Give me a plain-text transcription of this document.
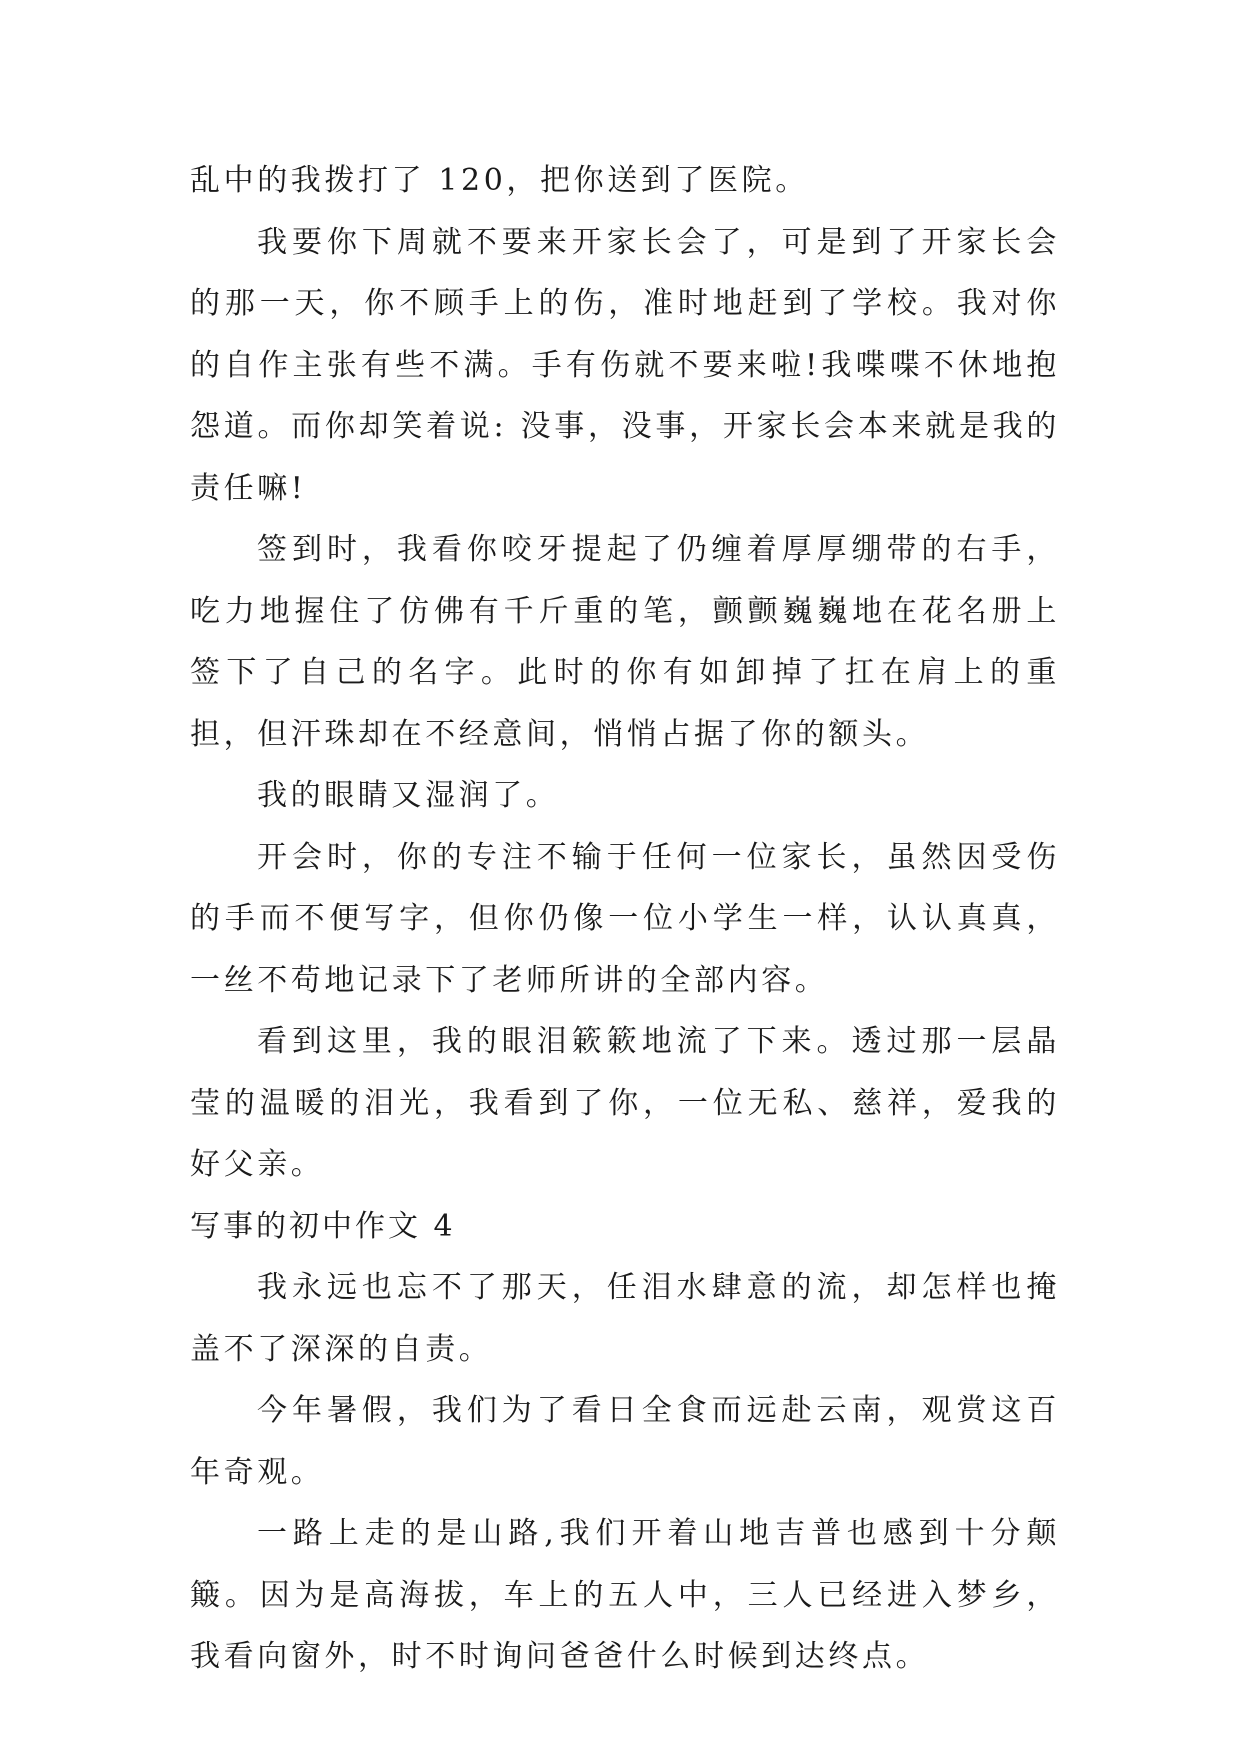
乱中的我拨打了 120，把你送到了医院。

我要你下周就不要来开家长会了，可是到了开家长会的那一天，你不顾手上的伤，准时地赶到了学校。我对你的自作主张有些不满。手有伤就不要来啦!我喋喋不休地抱怨道。而你却笑着说: 没事，没事，开家长会本来就是我的责任嘛!

签到时，我看你咬牙提起了仍缠着厚厚绷带的右手，吃力地握住了仿佛有千斤重的笔，颤颤巍巍地在花名册上签下了自己的名字。此时的你有如卸掉了扛在肩上的重担，但汗珠却在不经意间，悄悄占据了你的额头。

我的眼睛又湿润了。

开会时，你的专注不输于任何一位家长，虽然因受伤的手而不便写字，但你仍像一位小学生一样，认认真真，一丝不苟地记录下了老师所讲的全部内容。

看到这里，我的眼泪簌簌地流了下来。透过那一层晶莹的温暖的泪光，我看到了你，一位无私、慈祥，爱我的好父亲。

写事的初中作文 4

我永远也忘不了那天，任泪水肆意的流，却怎样也掩盖不了深深的自责。

今年暑假，我们为了看日全食而远赴云南，观赏这百年奇观。

一路上走的是山路,我们开着山地吉普也感到十分颠簸。因为是高海拔，车上的五人中，三人已经进入梦乡，我看向窗外，时不时询问爸爸什么时候到达终点。
